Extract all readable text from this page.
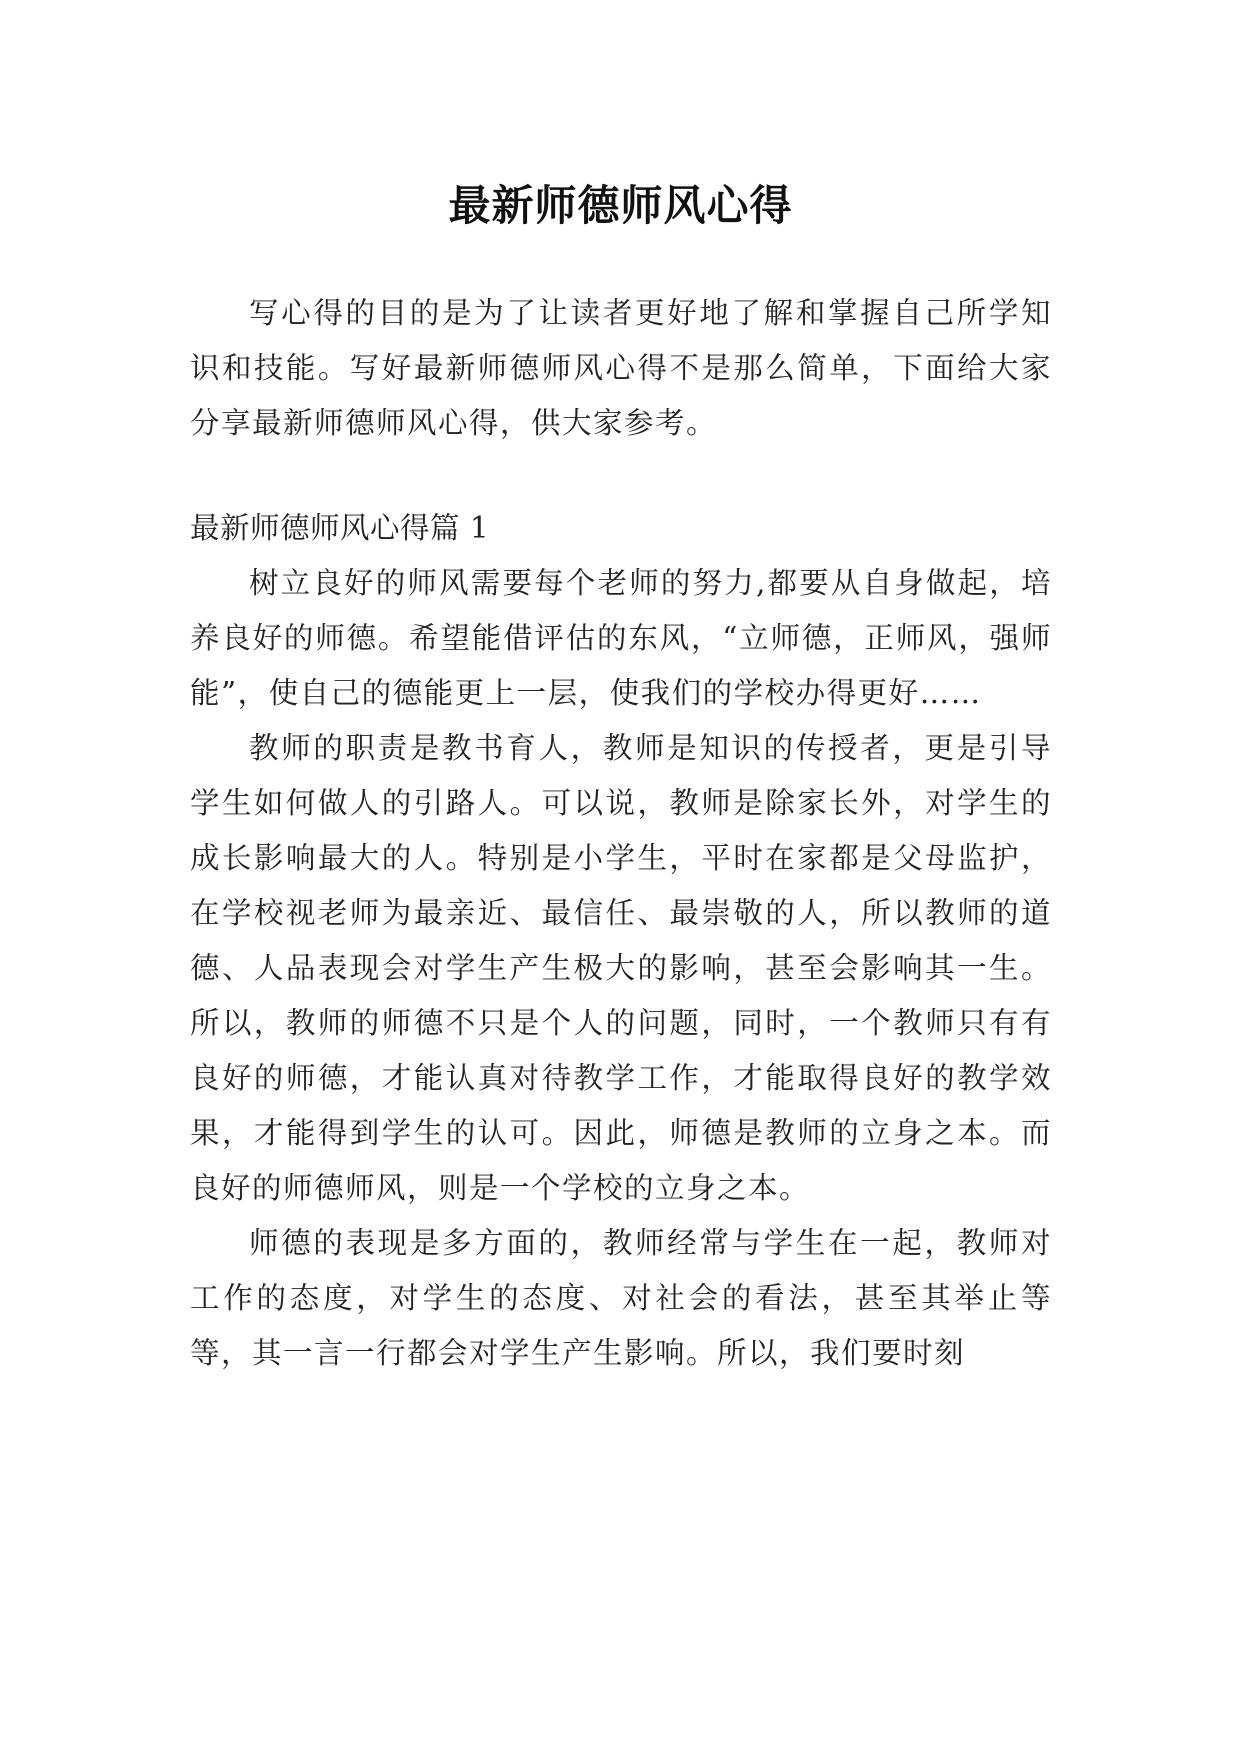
最新师德师风心得

写心得的目的是为了让读者更好地了解和掌握自己所学知识和技能。写好最新师德师风心得不是那么简单，下面给大家分享最新师德师风心得，供大家参考。

最新师德师风心得篇 1

树立良好的师风需要每个老师的努力,都要从自身做起，培养良好的师德。希望能借评估的东风，“立师德，正师风，强师能”，使自己的德能更上一层，使我们的学校办得更好……

教师的职责是教书育人，教师是知识的传授者，更是引导学生如何做人的引路人。可以说，教师是除家长外，对学生的成长影响最大的人。特别是小学生，平时在家都是父母监护，在学校视老师为最亲近、最信任、最崇敬的人，所以教师的道德、人品表现会对学生产生极大的影响，甚至会影响其一生。所以，教师的师德不只是个人的问题，同时，一个教师只有有良好的师德，才能认真对待教学工作，才能取得良好的教学效果，才能得到学生的认可。因此，师德是教师的立身之本。而良好的师德师风，则是一个学校的立身之本。

师德的表现是多方面的，教师经常与学生在一起，教师对工作的态度，对学生的态度、对社会的看法，甚至其举止等等，其一言一行都会对学生产生影响。所以，我们要时刻
